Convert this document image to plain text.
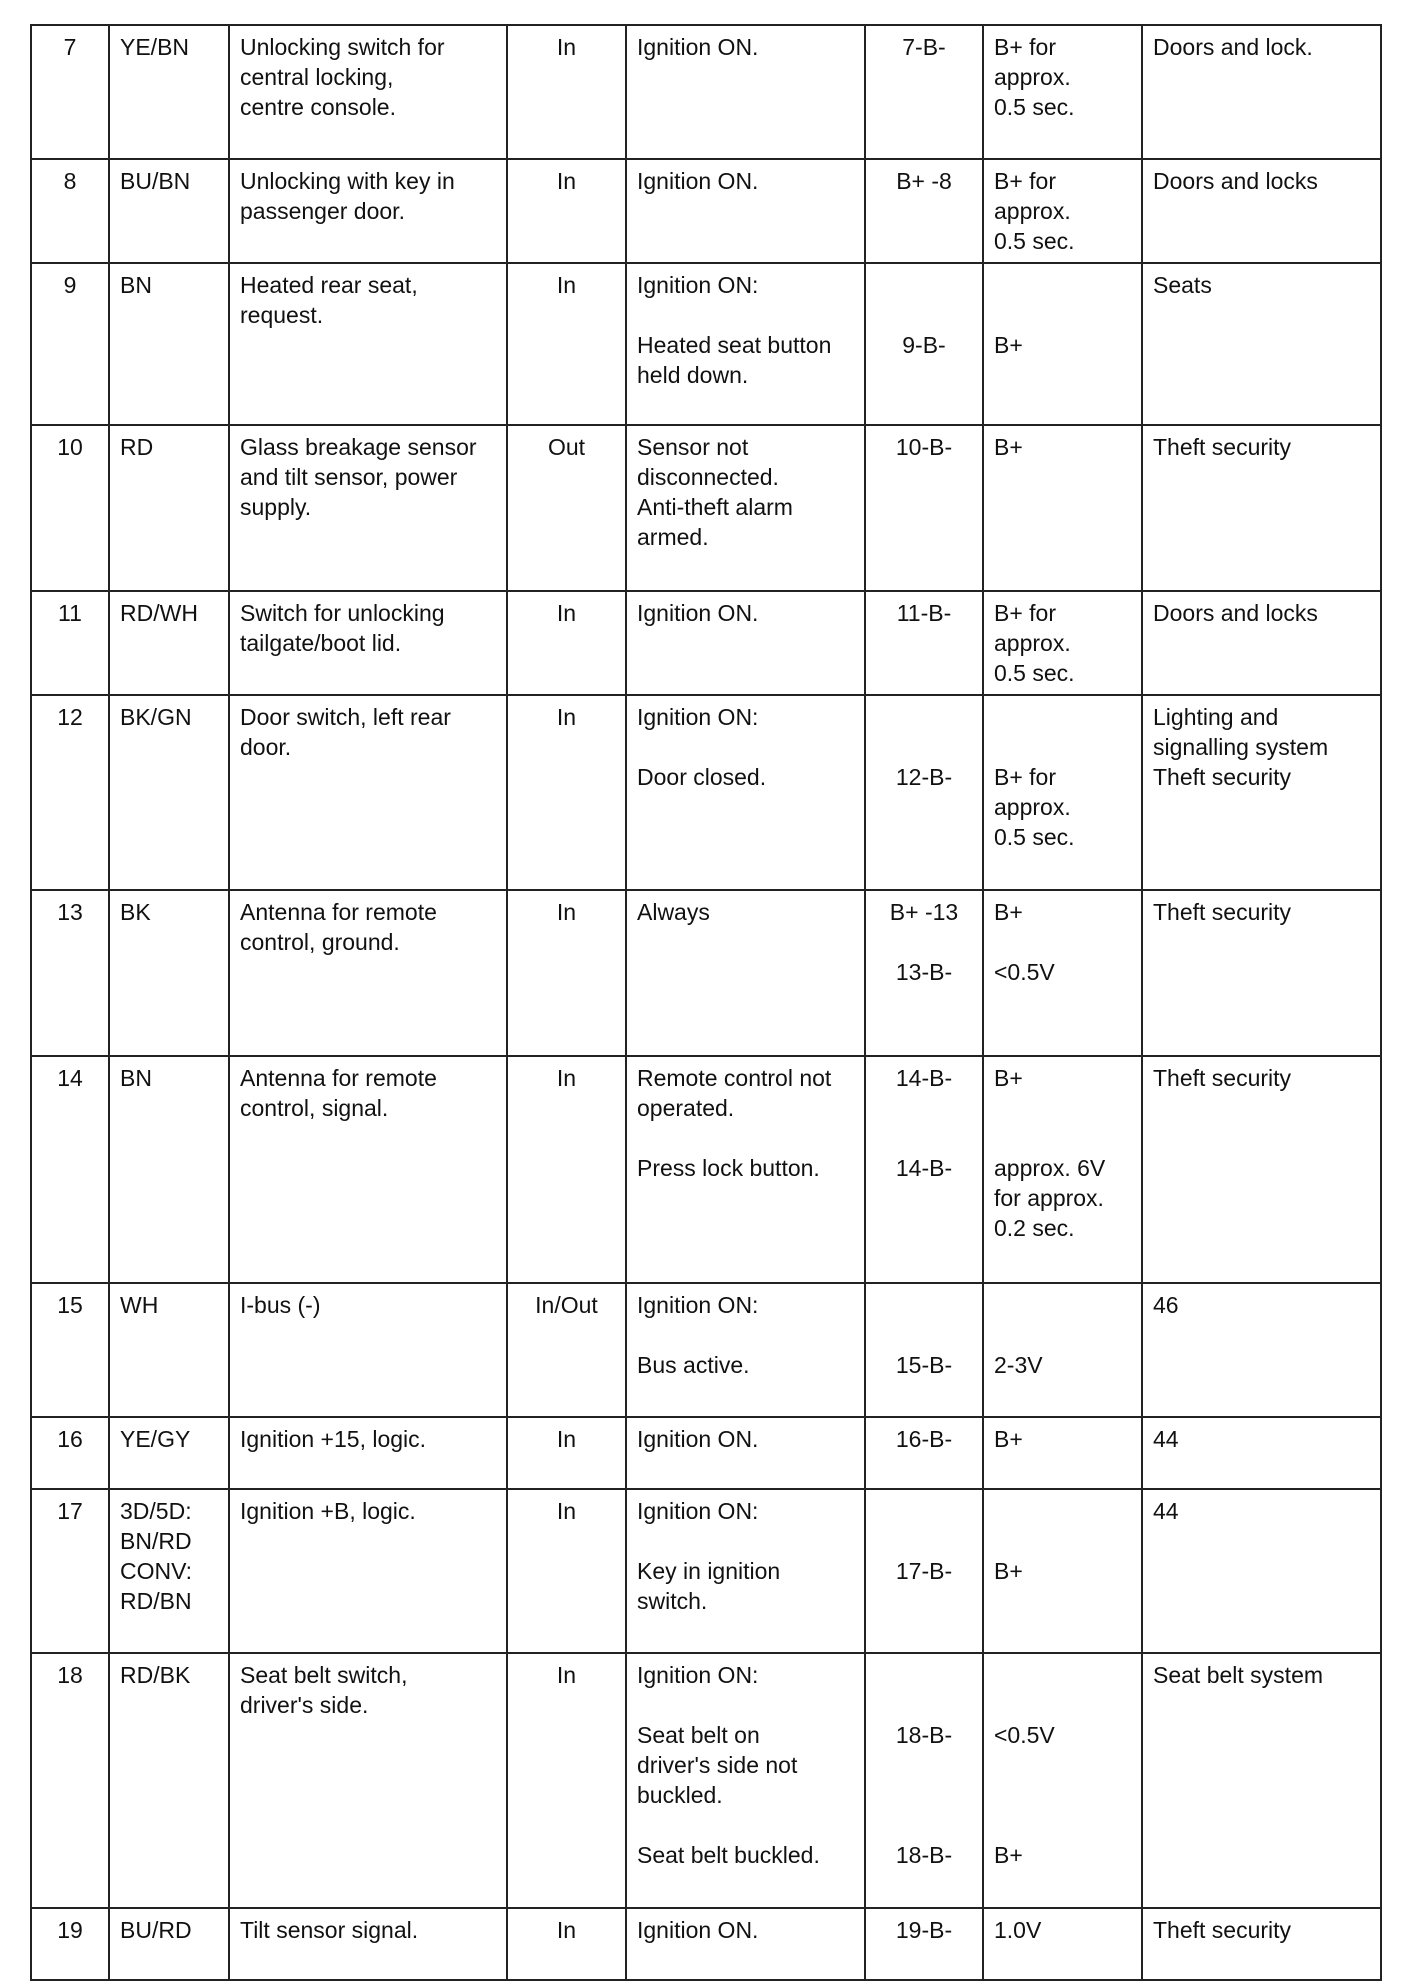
7	YE/BN	Unlocking switch for
central locking,
centre console.	In	Ignition ON.	7-B-	B+ for
approx.
0.5 sec.	Doors and lock.

8	BU/BN	Unlocking with key in
passenger door.	In	Ignition ON.	B+ -8	B+ for
approx.
0.5 sec.	Doors and locks

9	BN	Heated rear seat,
request.	In	Ignition ON:
Heated seat button
held down.	9-B-	B+	Seats

10	RD	Glass breakage sensor
and tilt sensor, power
supply.	Out	Sensor not
disconnected.
Anti-theft alarm
armed.	10-B-	B+	Theft security

11	RD/WH	Switch for unlocking
tailgate/boot lid.	In	Ignition ON.	11-B-	B+ for
approx.
0.5 sec.	Doors and locks

12	BK/GN	Door switch, left rear
door.	In	Ignition ON:
Door closed.	12-B-	B+ for
approx.
0.5 sec.	Lighting and
signalling system
Theft security

13	BK	Antenna for remote
control, ground.	In	Always	B+ -13
13-B-	B+
<0.5V	Theft security

14	BN	Antenna for remote
control, signal.	In	Remote control not
operated.
Press lock button.	14-B-
14-B-	B+
approx. 6V
for approx.
0.2 sec.	Theft security

15	WH	I-bus (-)	In/Out	Ignition ON:
Bus active.	15-B-	2-3V	46

16	YE/GY	Ignition +15, logic.	In	Ignition ON.	16-B-	B+	44

17	3D/5D:
BN/RD
CONV:
RD/BN	Ignition +B, logic.	In	Ignition ON:
Key in ignition
switch.	17-B-	B+	44

18	RD/BK	Seat belt switch,
driver's side.	In	Ignition ON:
Seat belt on
driver's side not
buckled.
Seat belt buckled.	18-B-
18-B-	<0.5V
B+	Seat belt system

19	BU/RD	Tilt sensor signal.	In	Ignition ON.	19-B-	1.0V	Theft security
